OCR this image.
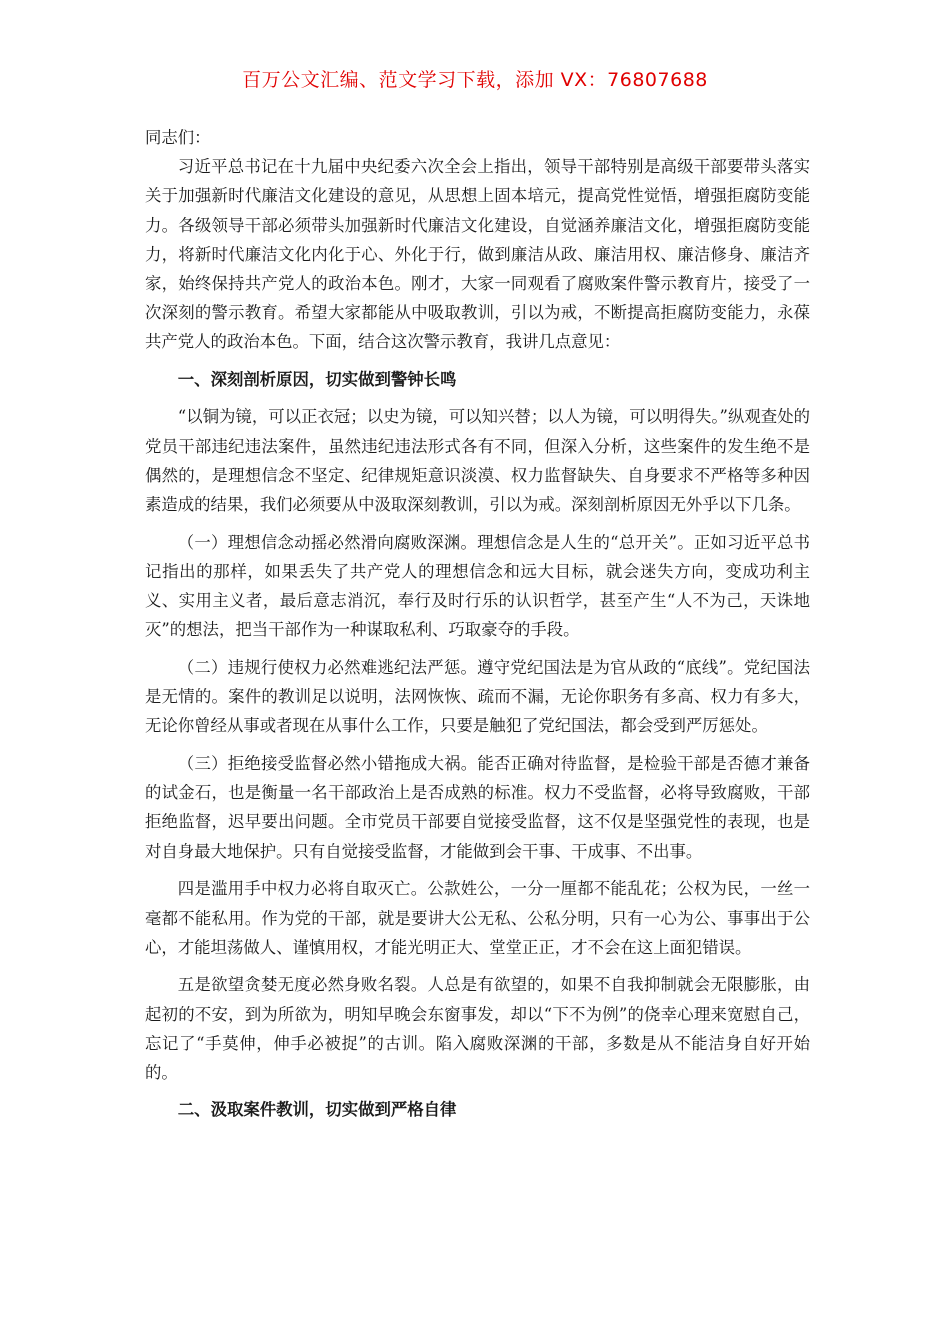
百万公文汇编、范文学习下载，添加 VX：76807688

同志们：

习近平总书记在十九届中央纪委六次全会上指出，领导干部特别是高级干部要带头落实关于加强新时代廉洁文化建设的意见，从思想上固本培元，提高党性觉悟，增强拒腐防变能力。各级领导干部必须带头加强新时代廉洁文化建设，自觉涵养廉洁文化，增强拒腐防变能力，将新时代廉洁文化内化于心、外化于行，做到廉洁从政、廉洁用权、廉洁修身、廉洁齐家，始终保持共产党人的政治本色。刚才，大家一同观看了腐败案件警示教育片，接受了一次深刻的警示教育。希望大家都能从中吸取教训，引以为戒，不断提高拒腐防变能力，永葆共产党人的政治本色。下面，结合这次警示教育，我讲几点意见：

一、深刻剖析原因，切实做到警钟长鸣

“以铜为镜，可以正衣冠；以史为镜，可以知兴替；以人为镜，可以明得失。”纵观查处的党员干部违纪违法案件，虽然违纪违法形式各有不同，但深入分析，这些案件的发生绝不是偶然的，是理想信念不坚定、纪律规矩意识淡漠、权力监督缺失、自身要求不严格等多种因素造成的结果，我们必须要从中汲取深刻教训，引以为戒。深刻剖析原因无外乎以下几条。

（一）理想信念动摇必然滑向腐败深渊。理想信念是人生的“总开关”。正如习近平总书记指出的那样，如果丢失了共产党人的理想信念和远大目标，就会迷失方向，变成功利主义、实用主义者，最后意志消沉，奉行及时行乐的认识哲学，甚至产生“人不为己，天诛地灭”的想法，把当干部作为一种谋取私利、巧取豪夺的手段。

（二）违规行使权力必然难逃纪法严惩。遵守党纪国法是为官从政的“底线”。党纪国法是无情的。案件的教训足以说明，法网恢恢、疏而不漏，无论你职务有多高、权力有多大，无论你曾经从事或者现在从事什么工作，只要是触犯了党纪国法，都会受到严厉惩处。

（三）拒绝接受监督必然小错拖成大祸。能否正确对待监督，是检验干部是否德才兼备的试金石，也是衡量一名干部政治上是否成熟的标准。权力不受监督，必将导致腐败，干部拒绝监督，迟早要出问题。全市党员干部要自觉接受监督，这不仅是坚强党性的表现，也是对自身最大地保护。只有自觉接受监督，才能做到会干事、干成事、不出事。

四是滥用手中权力必将自取灭亡。公款姓公，一分一厘都不能乱花；公权为民，一丝一毫都不能私用。作为党的干部，就是要讲大公无私、公私分明，只有一心为公、事事出于公心，才能坦荡做人、谨慎用权，才能光明正大、堂堂正正，才不会在这上面犯错误。

五是欲望贪婪无度必然身败名裂。人总是有欲望的，如果不自我抑制就会无限膨胀，由起初的不安，到为所欲为，明知早晚会东窗事发，却以“下不为例”的侥幸心理来宽慰自己，忘记了“手莫伸，伸手必被捉”的古训。陷入腐败深渊的干部，多数是从不能洁身自好开始的。

二、汲取案件教训，切实做到严格自律
